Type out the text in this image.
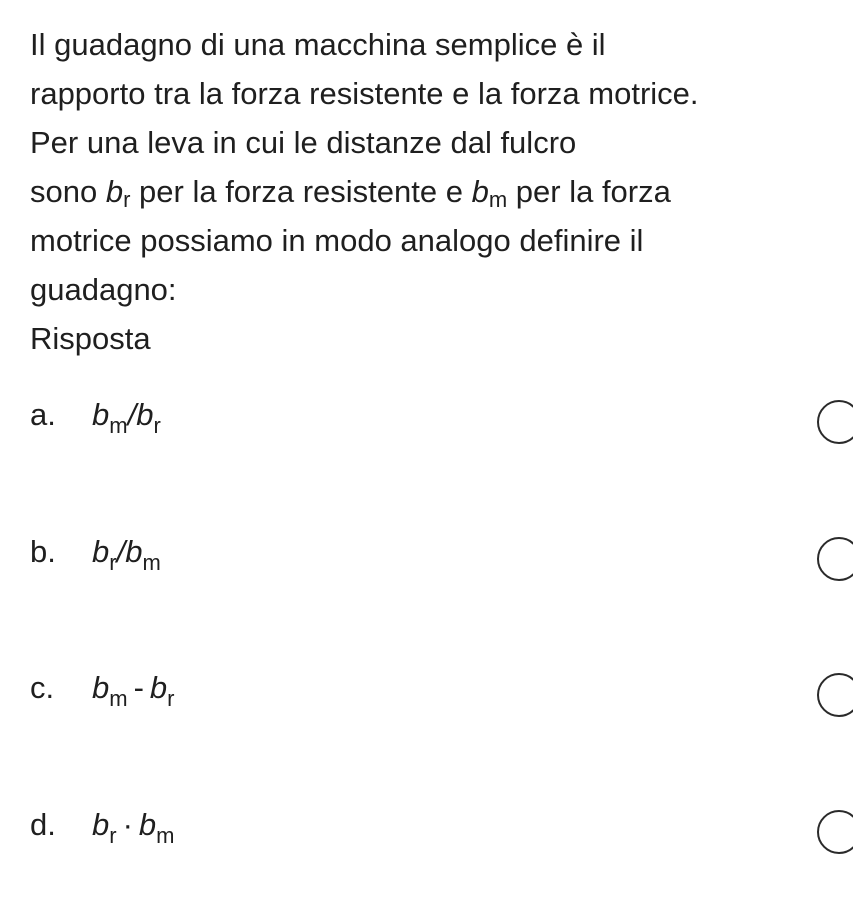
Il guadagno di una macchina semplice è il
rapporto tra la forza resistente e la forza motrice.
Per una leva in cui le distanze dal fulcro
sono $b_r$ per la forza resistente e $b_m$ per la forza
motrice possiamo in modo analogo definire il
guadagno:
Risposta
a. $b_m/b_r$
b. $b_r/b_m$
c. $b_m - b_r$
d. $b_r \cdot b_m$
